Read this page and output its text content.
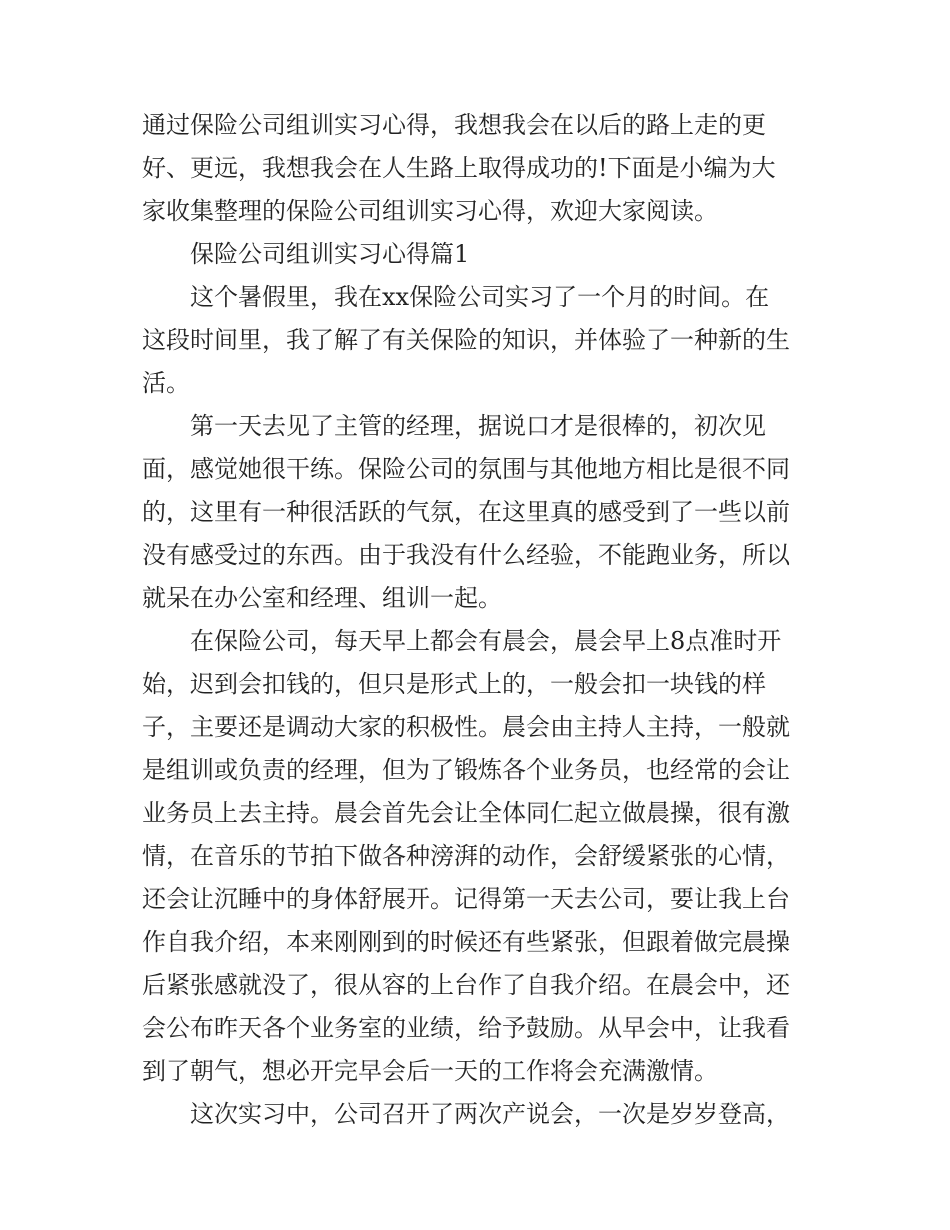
通过保险公司组训实习心得，我想我会在以后的路上走的更
好、更远，我想我会在人生路上取得成功的!下面是小编为大
家收集整理的保险公司组训实习心得，欢迎大家阅读。
保险公司组训实习心得篇1
这个暑假里，我在xx保险公司实习了一个月的时间。在
这段时间里，我了解了有关保险的知识，并体验了一种新的生
活。
第一天去见了主管的经理，据说口才是很棒的，初次见
面，感觉她很干练。保险公司的氛围与其他地方相比是很不同
的，这里有一种很活跃的气氛，在这里真的感受到了一些以前
没有感受过的东西。由于我没有什么经验，不能跑业务，所以
就呆在办公室和经理、组训一起。
在保险公司，每天早上都会有晨会，晨会早上8点准时开
始，迟到会扣钱的，但只是形式上的，一般会扣一块钱的样
子，主要还是调动大家的积极性。晨会由主持人主持，一般就
是组训或负责的经理，但为了锻炼各个业务员，也经常的会让
业务员上去主持。晨会首先会让全体同仁起立做晨操，很有激
情，在音乐的节拍下做各种滂湃的动作，会舒缓紧张的心情，
还会让沉睡中的身体舒展开。记得第一天去公司，要让我上台
作自我介绍，本来刚刚到的时候还有些紧张，但跟着做完晨操
后紧张感就没了，很从容的上台作了自我介绍。在晨会中，还
会公布昨天各个业务室的业绩，给予鼓励。从早会中，让我看
到了朝气，想必开完早会后一天的工作将会充满激情。
这次实习中，公司召开了两次产说会，一次是岁岁登高，
